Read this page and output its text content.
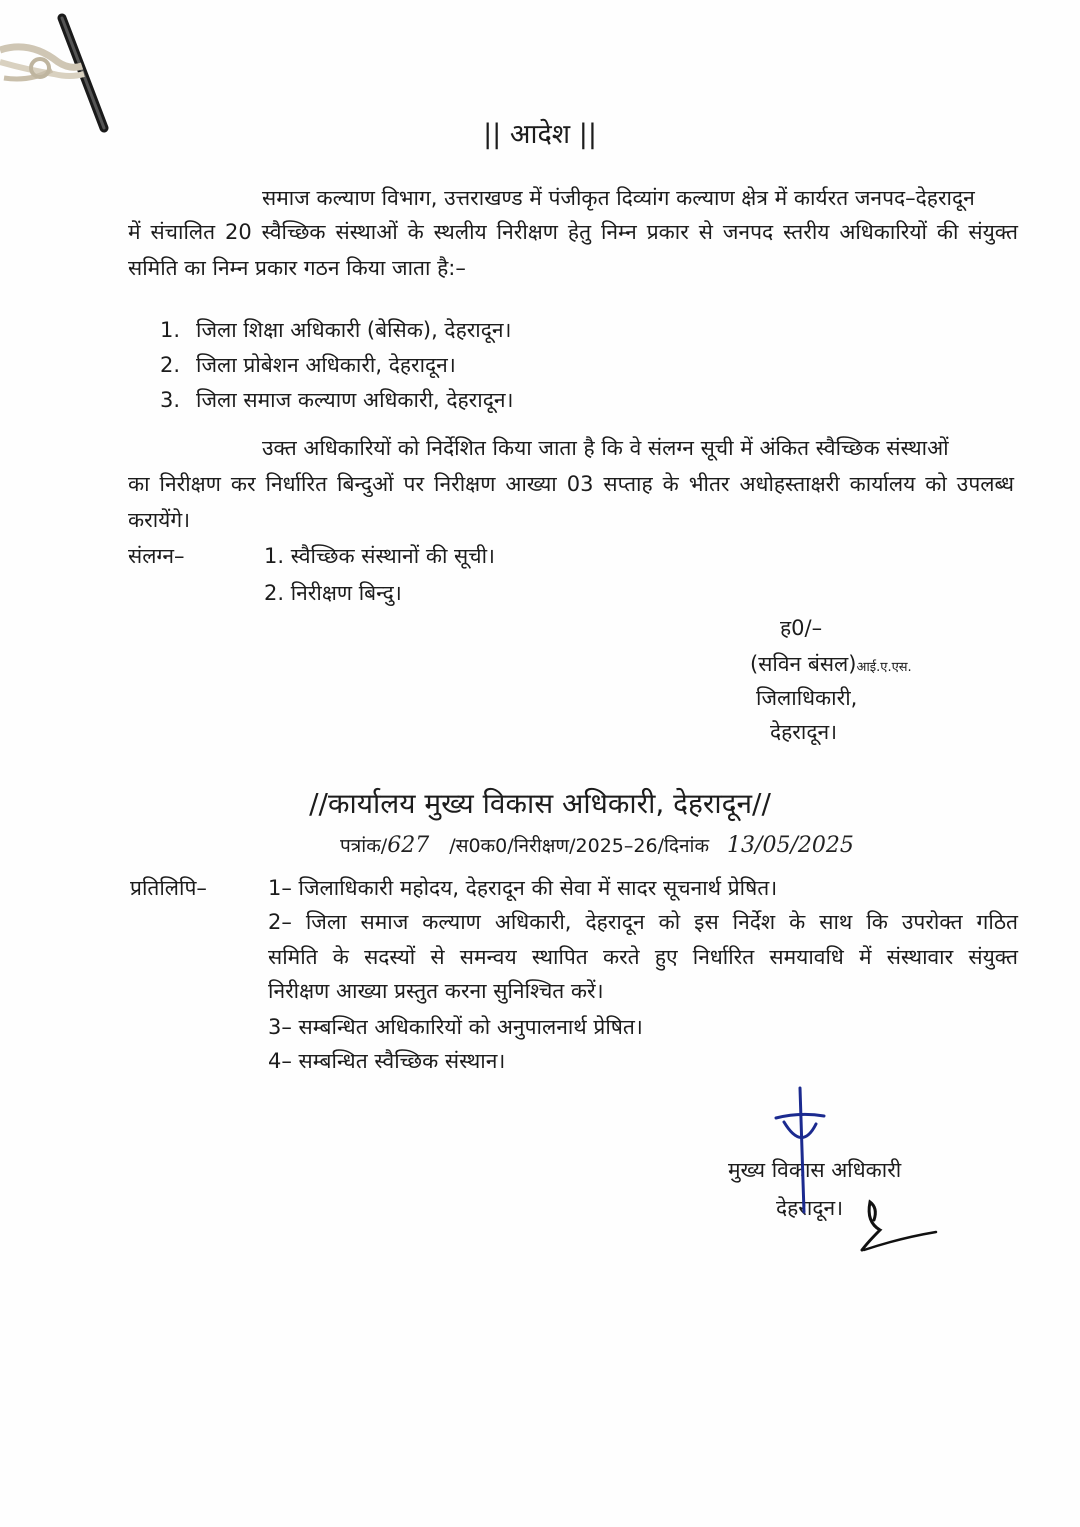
|| आदेश ||
समाज कल्याण विभाग, उत्तराखण्ड में पंजीकृत दिव्यांग कल्याण क्षेत्र में कार्यरत जनपद–देहरादून
में संचालित 20 स्वैच्छिक संस्थाओं के स्थलीय निरीक्षण हेतु निम्न प्रकार से जनपद स्तरीय अधिकारियों की संयुक्त
समिति का निम्न प्रकार गठन किया जाता है:–
1. जिला शिक्षा अधिकारी (बेसिक), देहरादून।
2. जिला प्रोबेशन अधिकारी, देहरादून।
3. जिला समाज कल्याण अधिकारी, देहरादून।
उक्त अधिकारियों को निर्देशित किया जाता है कि वे संलग्न सूची में अंकित स्वैच्छिक संस्थाओं
का निरीक्षण कर निर्धारित बिन्दुओं पर निरीक्षण आख्या 03 सप्ताह के भीतर अधोहस्ताक्षरी कार्यालय को उपलब्ध
करायेंगे।
संलग्न–	1. स्वैच्छिक संस्थानों की सूची।
2. निरीक्षण बिन्दु।
ह0/–
(सविन बंसल)आई.ए.एस.
जिलाधिकारी,
देहरादून।
//कार्यालय मुख्य विकास अधिकारी, देहरादून//
पत्रांक/627 /स0क0/निरीक्षण/2025–26/दिनांक 13/05/2025
प्रतिलिपि–	1– जिलाधिकारी महोदय, देहरादून की सेवा में सादर सूचनार्थ प्रेषित।
2– जिला समाज कल्याण अधिकारी, देहरादून को इस निर्देश के साथ कि उपरोक्त गठित
समिति के सदस्यों से समन्वय स्थापित करते हुए निर्धारित समयावधि में संस्थावार संयुक्त
निरीक्षण आख्या प्रस्तुत करना सुनिश्चित करें।
3– सम्बन्धित अधिकारियों को अनुपालनार्थ प्रेषित।
4– सम्बन्धित स्वैच्छिक संस्थान।
मुख्य विकास अधिकारी
देहरादून।
